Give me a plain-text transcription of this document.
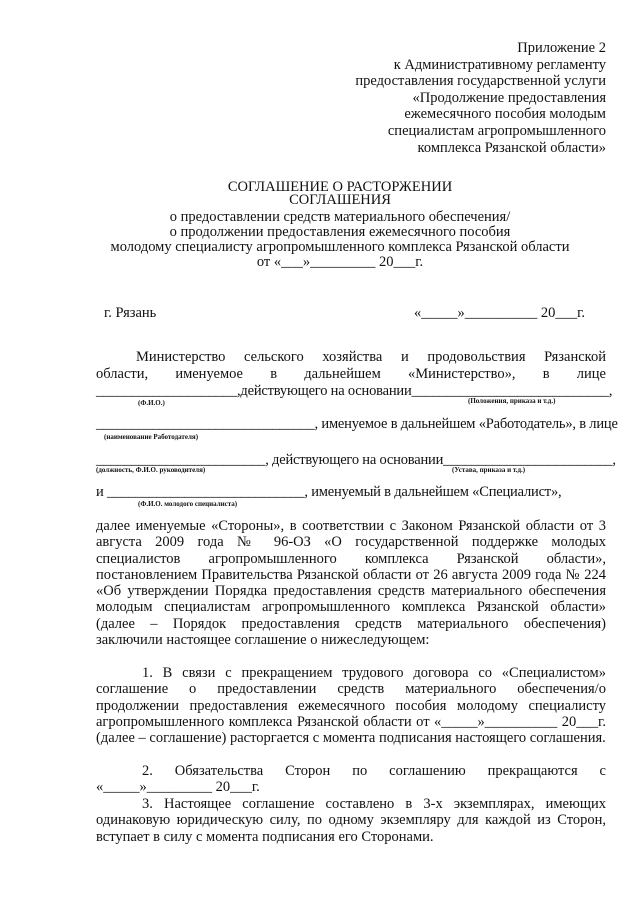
Приложение 2
к Административному регламенту
предоставления государственной услуги
«Продолжение предоставления
ежемесячного пособия молодым
специалистам агропромышленного
комплекса Рязанской области»
СОГЛАШЕНИЕ О РАСТОРЖЕНИИ
СОГЛАШЕНИЯ
о предоставлении средств материального обеспечения/
о продолжении предоставления ежемесячного пособия
молодому специалисту агропромышленного комплекса Рязанской области
от «___»_________ 20___г.
г. Рязань	«_____»__________ 20___г.
Министерство сельского хозяйства и продовольствия Рязанской
области, именуемое в дальнейшем «Министерство», в лице
____________________,действующего на основании____________________________,
(Ф.И.О.)	(Положения, приказа и т.д.)
_______________________________, именуемое в дальнейшем «Работодатель», в лице
(наименование Работодателя)
________________________, действующего на основании________________________,
(должность, Ф.И.О. руководителя)	(Устава, приказа и т.д.)
и ____________________________, именуемый в дальнейшем «Специалист»,
(Ф.И.О. молодого специалиста)
далее именуемые «Стороны», в соответствии с Законом Рязанской области от 3 августа 2009 года № 96-ОЗ «О государственной поддержке молодых специалистов агропромышленного комплекса Рязанской области», постановлением Правительства Рязанской области от 26 августа 2009 года № 224 «Об утверждении Порядка предоставления средств материального обеспечения молодым специалистам агропромышленного комплекса Рязанской области» (далее – Порядок предоставления средств материального обеспечения) заключили настоящее соглашение о нижеследующем:
1. В связи с прекращением трудового договора со «Специалистом» соглашение о предоставлении средств материального обеспечения/о продолжении предоставления ежемесячного пособия молодому специалисту агропромышленного комплекса Рязанской области от «_____»__________ 20___г. (далее – соглашение) расторгается с момента подписания настоящего соглашения.
2. Обязательства Сторон по соглашению прекращаются с «_____»_________ 20___г.
3. Настоящее соглашение составлено в 3-х экземплярах, имеющих одинаковую юридическую силу, по одному экземпляру для каждой из Сторон, вступает в силу с момента подписания его Сторонами.
